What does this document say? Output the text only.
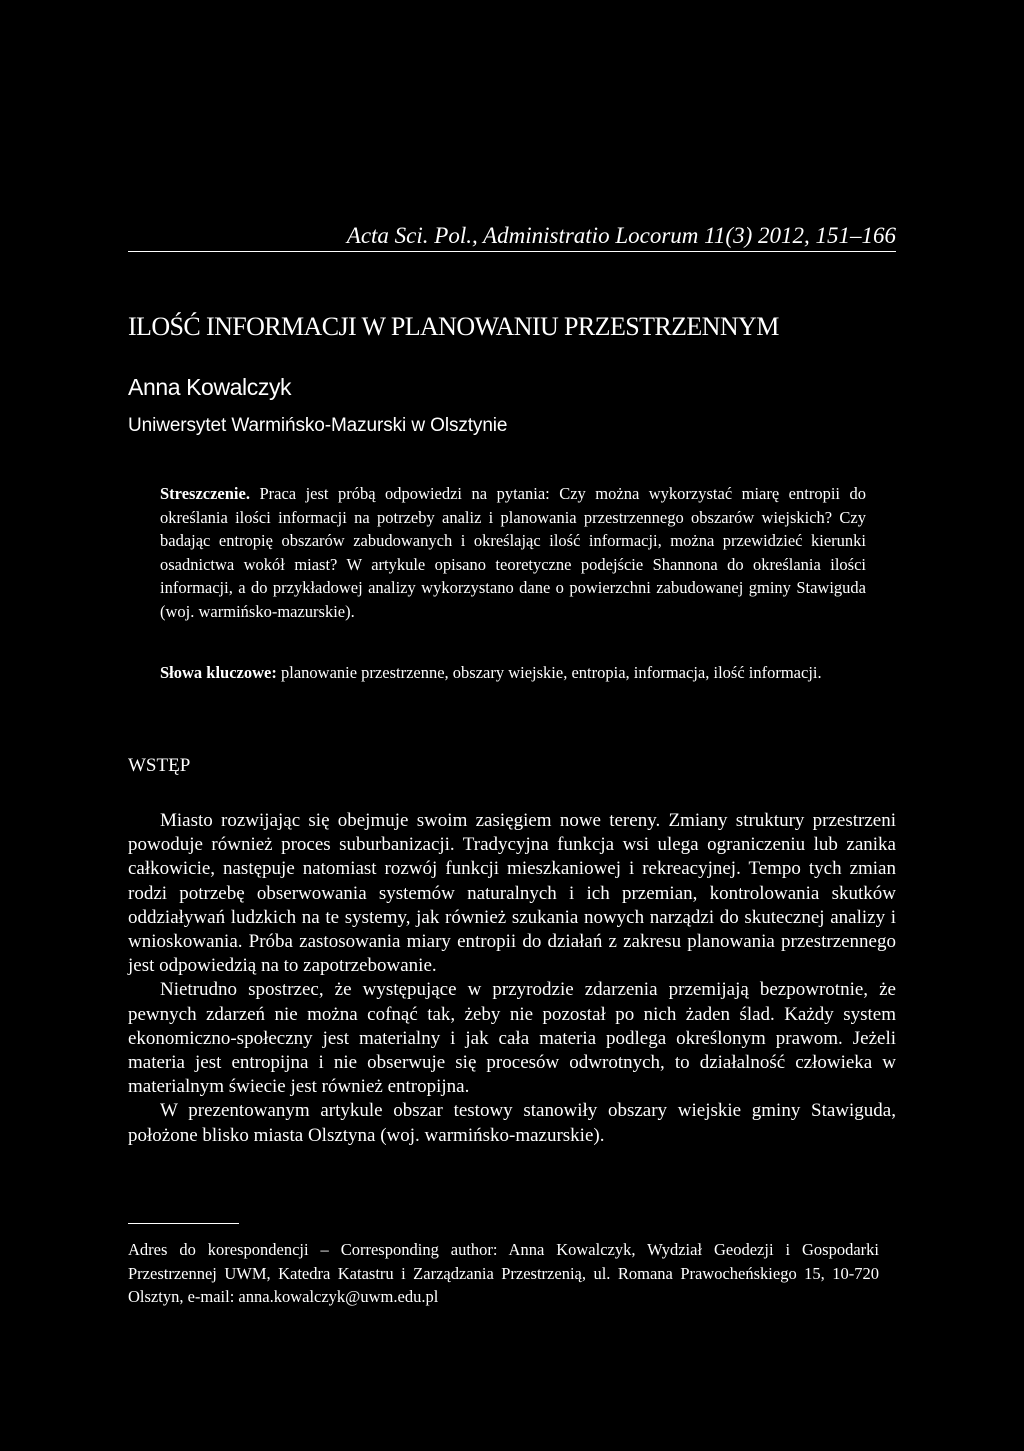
Acta Sci. Pol., Administratio Locorum 11(3) 2012, 151–166
ILOŚĆ INFORMACJI W PLANOWANIU PRZESTRZENNYM
Anna Kowalczyk
Uniwersytet Warmińsko-Mazurski w Olsztynie
Streszczenie. Praca jest próbą odpowiedzi na pytania: Czy można wykorzystać miarę entropii do określania ilości informacji na potrzeby analiz i planowania przestrzennego obszarów wiejskich? Czy badając entropię obszarów zabudowanych i określając ilość informacji, można przewidzieć kierunki osadnictwa wokół miast? W artykule opisano teoretyczne podejście Shannona do określania ilości informacji, a do przykładowej analizy wykorzystano dane o powierzchni zabudowanej gminy Stawiguda (woj. warmińsko-mazurskie).
Słowa kluczowe: planowanie przestrzenne, obszary wiejskie, entropia, informacja, ilość informacji.
WSTĘP

Miasto rozwijając się obejmuje swoim zasięgiem nowe tereny. Zmiany struktury przestrzeni powoduje również proces suburbanizacji. Tradycyjna funkcja wsi ulega ograniczeniu lub zanika całkowicie, następuje natomiast rozwój funkcji mieszkaniowej i rekreacyjnej. Tempo tych zmian rodzi potrzebę obserwowania systemów naturalnych i ich przemian, kontrolowania skutków oddziaływań ludzkich na te systemy, jak również szukania nowych narządzi do skutecznej analizy i wnioskowania. Próba zastosowania miary entropii do działań z zakresu planowania przestrzennego jest odpowiedzią na to zapotrzebowanie.

Nietrudno spostrzec, że występujące w przyrodzie zdarzenia przemijają bezpowrotnie, że pewnych zdarzeń nie można cofnąć tak, żeby nie pozostał po nich żaden ślad. Każdy system ekonomiczno-społeczny jest materialny i jak cała materia podlega określonym prawom. Jeżeli materia jest entropijna i nie obserwuje się procesów odwrotnych, to działalność człowieka w materialnym świecie jest również entropijna.

W prezentowanym artykule obszar testowy stanowiły obszary wiejskie gminy Stawiguda, położone blisko miasta Olsztyna (woj. warmińsko-mazurskie).

Adres do korespondencji – Corresponding author: Anna Kowalczyk, Wydział Geodezji i Gospodarki Przestrzennej UWM, Katedra Katastru i Zarządzania Przestrzenią, ul. Romana Prawocheńskiego 15, 10-720 Olsztyn, e-mail: anna.kowalczyk@uwm.edu.pl
